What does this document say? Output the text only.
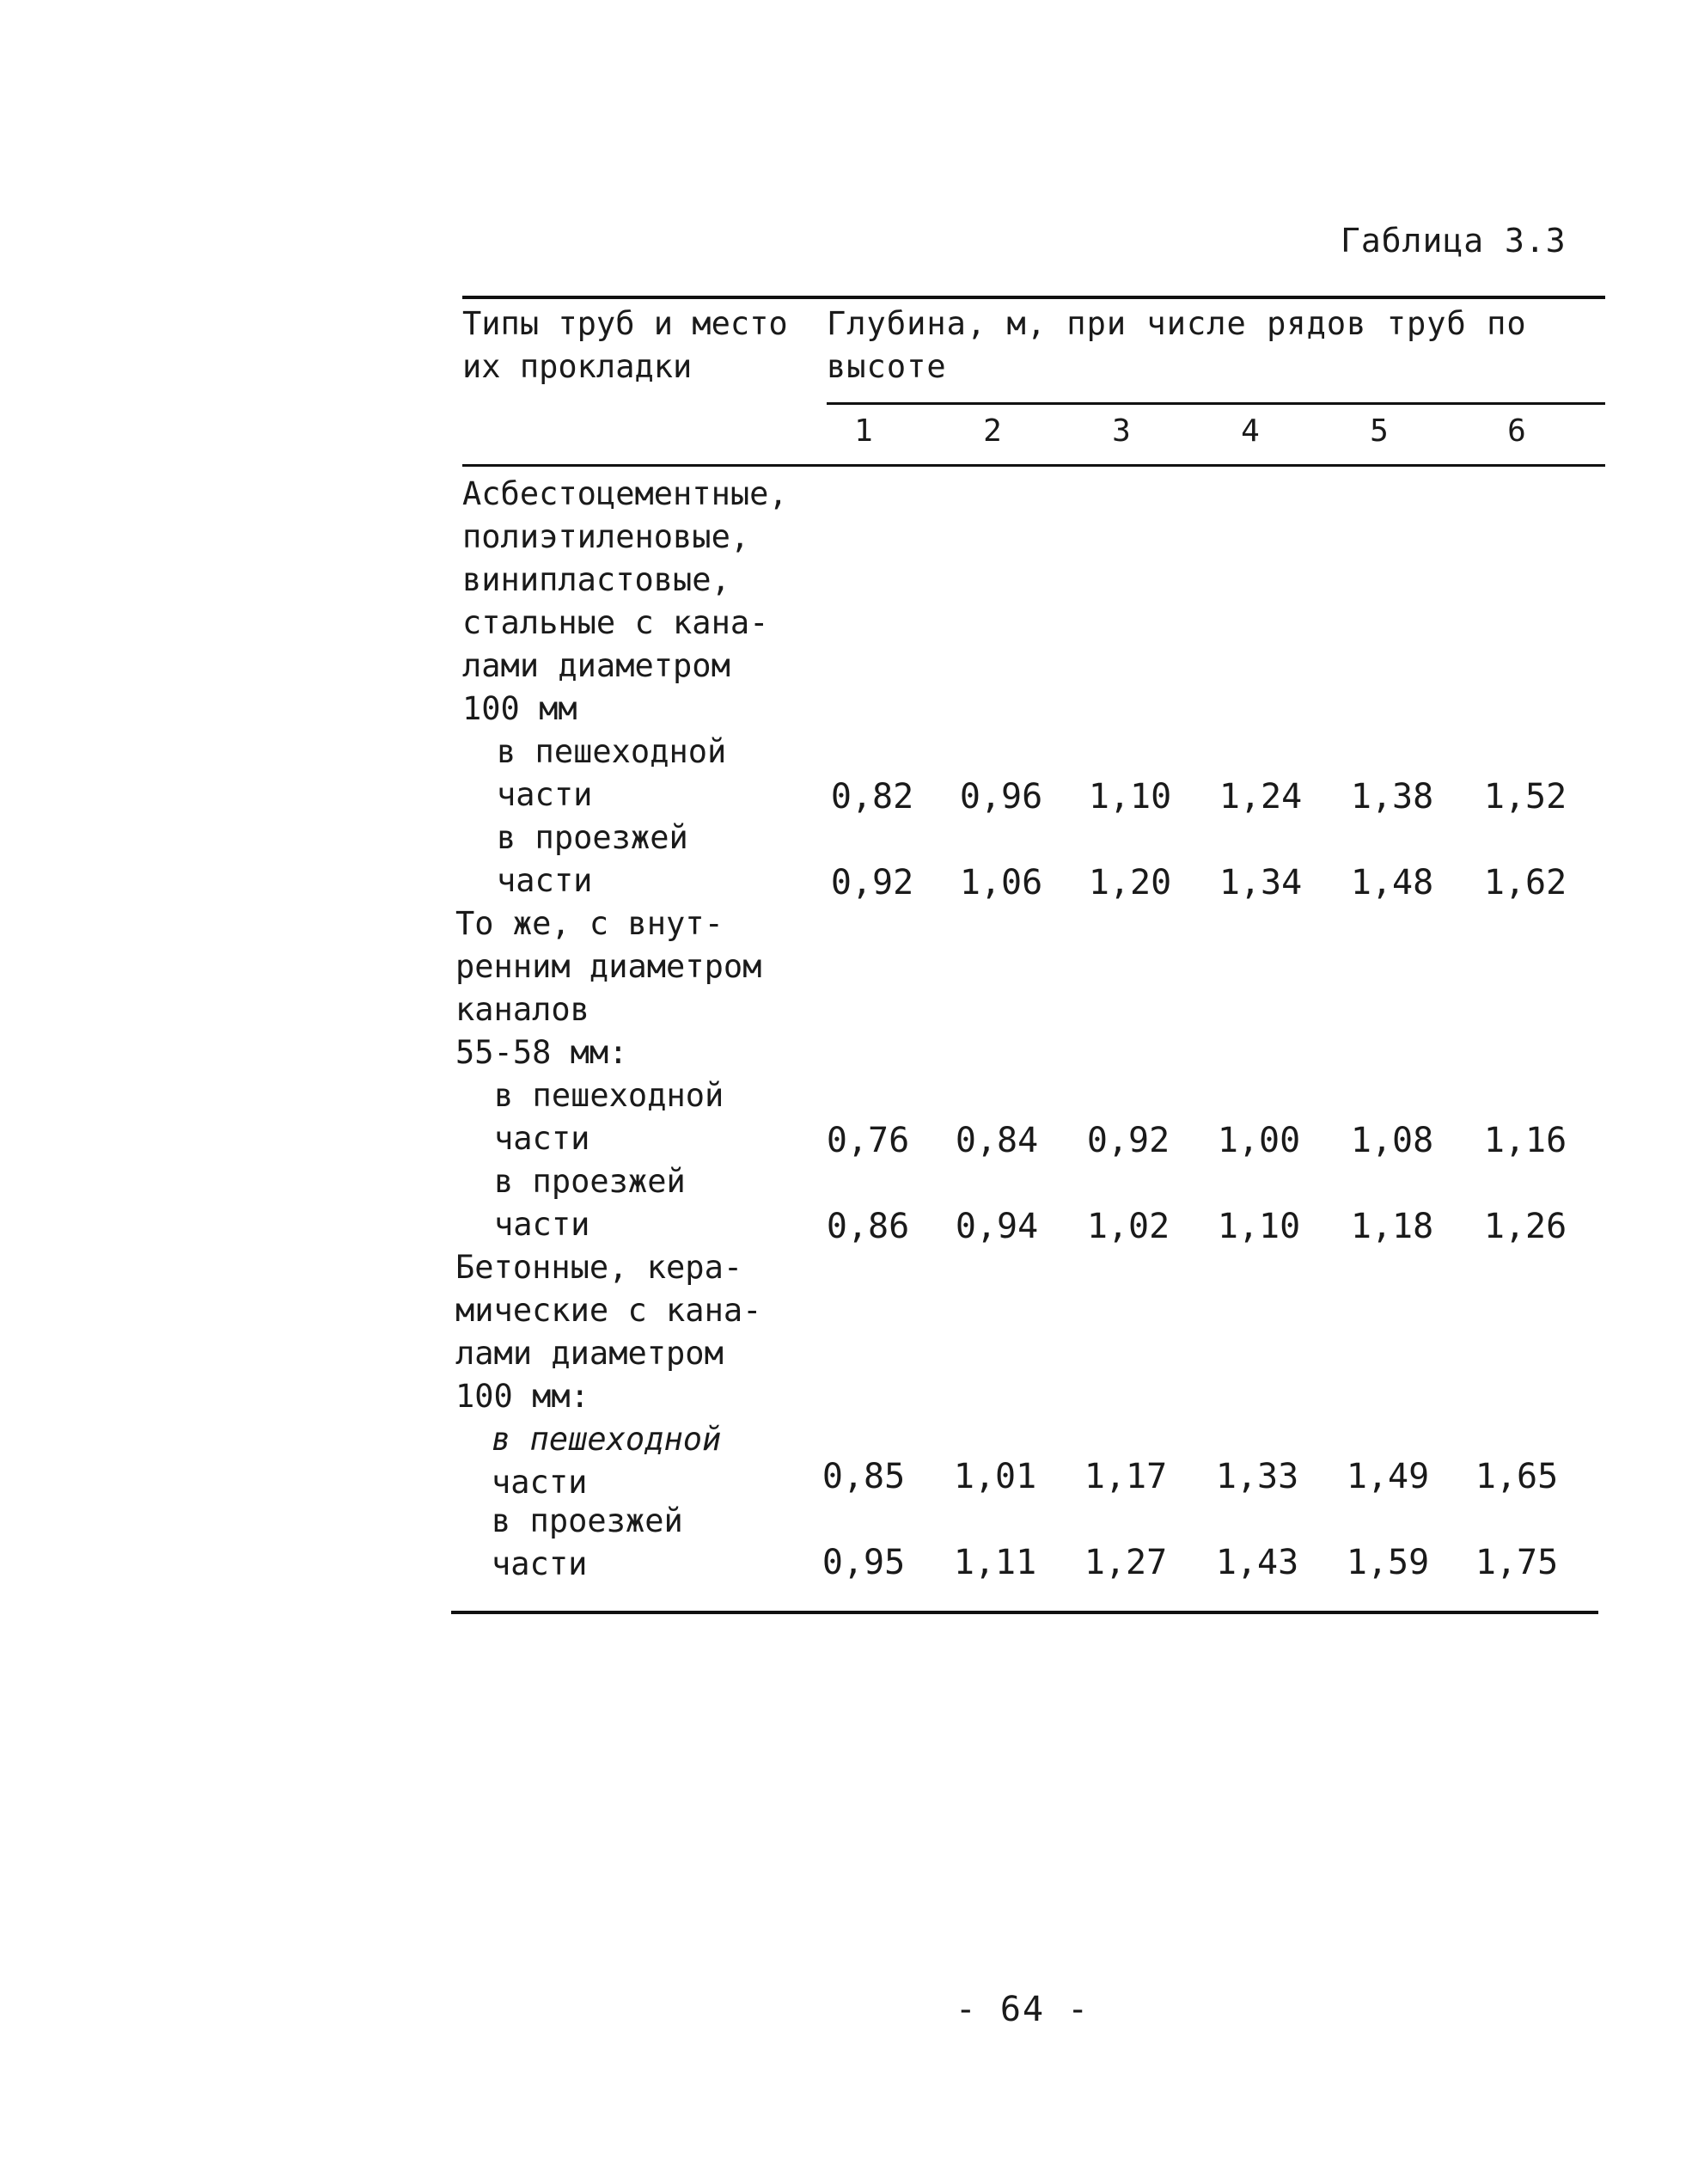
Габлица 3.3
Типы труб и место
их прокладки
Глубина, м, при числе рядов труб по
высоте
1	2	3	4	5	6
Асбестоцементные,
полиэтиленовые,
винипластовые,
стальные с кана-
лами диаметром
100 мм
в пешеходной
части	0,82	0,96	1,10	1,24	1,38	1,52
в проезжей
части	0,92	1,06	1,20	1,34	1,48	1,62
То же, с внут-
ренним диаметром
каналов
55-58 мм:
в пешеходной
части	0,76	0,84	0,92	1,00	1,08	1,16
в проезжей
части	0,86	0,94	1,02	1,10	1,18	1,26
Бетонные, кера-
мические с кана-
лами диаметром
100 мм:
в пешеходной
части	0,85	1,01	1,17	1,33	1,49	1,65
в проезжей
части	0,95	1,11	1,27	1,43	1,59	1,75
- 64 -
